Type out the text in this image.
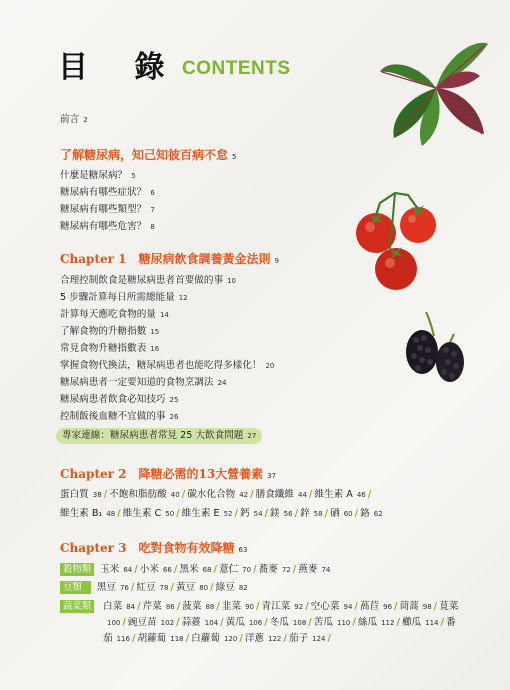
目 錄 CONTENTS
前言 2
了解糖尿病，知己知彼百病不怠 5
什麼是糖尿病？ 5
糖尿病有哪些症狀？ 6
糖尿病有哪些類型？ 7
糖尿病有哪些危害？ 8
Chapter 1 糖尿病飲食調養黃金法則 9
合理控制飲食是糖尿病患者首要做的事 10
5 步驟計算每日所需總能量 12
計算每天應吃食物的量 14
了解食物的升糖指數 15
常見食物升糖指數表 16
掌握食物代換法，糖尿病患者也能吃得多樣化！ 20
糖尿病患者一定要知道的食物烹調法 24
糖尿病患者飲食必知技巧 25
控制飯後血糖不宜做的事 26
專家連線：糖尿病患者常見 25 大飲食問題 27
Chapter 2 降糖必需的13大營養素 37
蛋白質 38 / 不飽和脂肪酸 40 / 碳水化合物 42 / 膳食纖維 44 / 維生素 A 46 /
維生素 B₁ 48 / 維生素 C 50 / 維生素 E 52 / 鈣 54 / 鎂 56 / 鋅 58 / 硒 60 / 鉻 62
Chapter 3 吃對食物有效降糖 63
穀物類 玉米 64 / 小米 66 / 黑米 68 / 薏仁 70 / 蕎麥 72 / 燕麥 74
豆類 黑豆 76 / 紅豆 78 / 黃豆 80 / 綠豆 82
蔬菜類	白菜 84 / 芹菜 86 / 菠菜 88 / 韭菜 90 / 青江菜 92 / 空心菜 94 / 萵苣 96 / 茼蒿 98 / 莧菜100 / 豌豆苗 102 / 蒜薹 104 / 黃瓜 106 / 冬瓜 108 / 苦瓜 110 / 絲瓜 112 / 櫛瓜 114 / 番茄 116 / 胡蘿蔔 118 / 白蘿蔔 120 / 洋蔥 122 / 茄子 124 /
